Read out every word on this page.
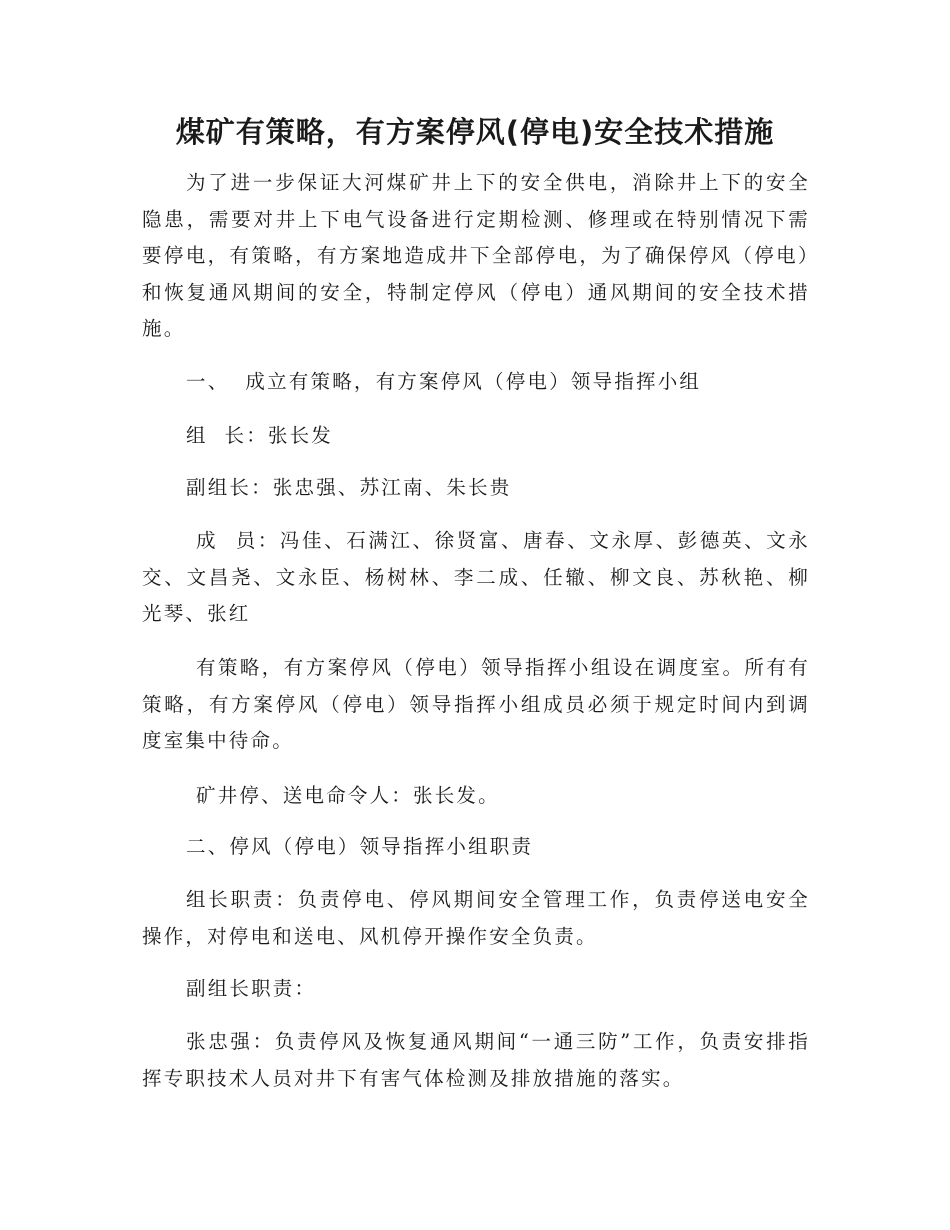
煤矿有策略，有方案停风(停电)安全技术措施

为了进一步保证大河煤矿井上下的安全供电，消除井上下的安全隐患，需要对井上下电气设备进行定期检测、修理或在特别情况下需要停电，有策略，有方案地造成井下全部停电，为了确保停风（停电）和恢复通风期间的安全，特制定停风（停电）通风期间的安全技术措施。

一、 成立有策略，有方案停风（停电）领导指挥小组

组  长：张长发

副组长：张忠强、苏江南、朱长贵

成  员：冯佳、石满江、徐贤富、唐春、文永厚、彭德英、文永交、文昌尧、文永臣、杨树林、李二成、任辙、柳文良、苏秋艳、柳光琴、张红

有策略，有方案停风（停电）领导指挥小组设在调度室。所有有策略，有方案停风（停电）领导指挥小组成员必须于规定时间内到调度室集中待命。

矿井停、送电命令人：张长发。

二、停风（停电）领导指挥小组职责

组长职责：负责停电、停风期间安全管理工作，负责停送电安全操作，对停电和送电、风机停开操作安全负责。

副组长职责：

张忠强：负责停风及恢复通风期间“一通三防”工作，负责安排指挥专职技术人员对井下有害气体检测及排放措施的落实。
